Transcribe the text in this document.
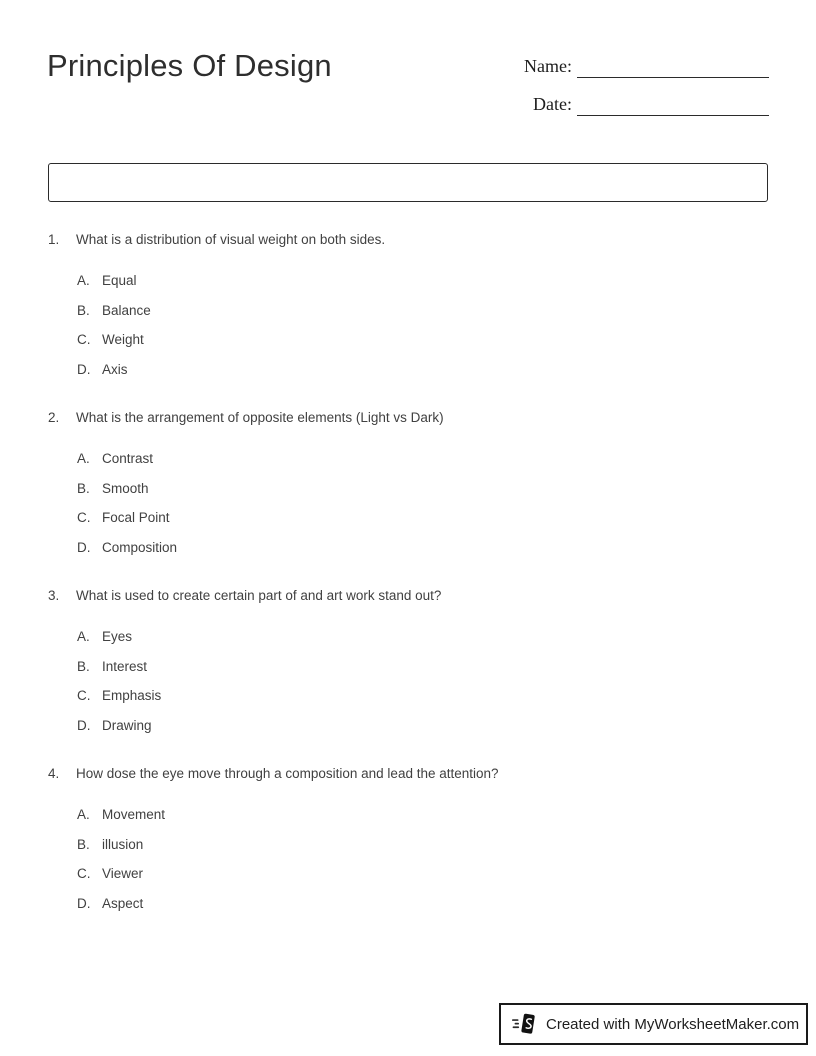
Principles Of Design	Name:
Date:
1.	What is a distribution of visual weight on both sides.
A. Equal
B. Balance
C. Weight
D. Axis
2.	What is the arrangement of opposite elements (Light vs Dark)
A. Contrast
B. Smooth
C. Focal Point
D. Composition
3.	What is used to create certain part of and art work stand out?
A. Eyes
B. Interest
C. Emphasis
D. Drawing
4.	How dose the eye move through a composition and lead the attention?
A. Movement
B. illusion
C. Viewer
D. Aspect
Created with MyWorksheetMaker.com
